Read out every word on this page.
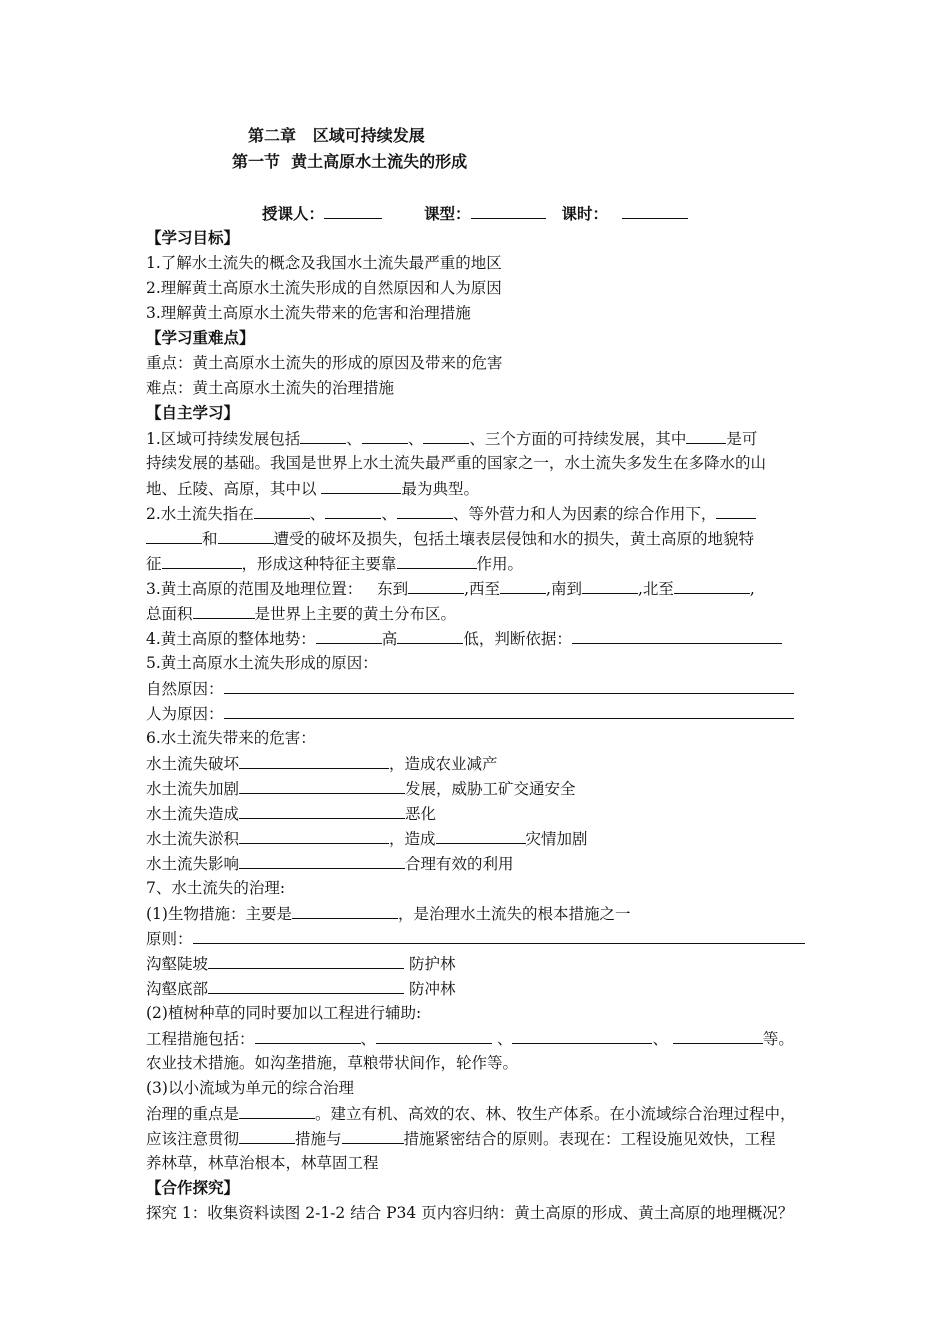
第二章   区域可持续发展
第一节  黄土高原水土流失的形成
授课人：	课型：	课时：
【学习目标】
1.了解水土流失的概念及我国水土流失最严重的地区
2.理解黄土高原水土流失形成的自然原因和人为原因
3.理解黄土高原水土流失带来的危害和治理措施
【学习重难点】
重点：黄土高原水土流失的形成的原因及带来的危害
难点：黄土高原水土流失的治理措施
【自主学习】
1.区域可持续发展包括	、	、	、三个方面的可持续发展，其中	是可
持续发展的基础。我国是世界上水土流失最严重的国家之一，水土流失多发生在多降水的山
地、丘陵、高原，其中以	最为典型。
2.水土流失指在	、	、	、等外营力和人为因素的综合作用下，
和	遭受的破坏及损失，包括土壤表层侵蚀和水的损失，黄土高原的地貌特
征	，形成这种特征主要靠	作用。
3.黄土高原的范围及地理位置：   东到	,西至	,南到	,北至	,
总面积	是世界上主要的黄土分布区。
4.黄土高原的整体地势：	高	低，判断依据：
5.黄土高原水土流失形成的原因：
自然原因：
人为原因：
6.水土流失带来的危害：
水土流失破坏	，造成农业减产
水土流失加剧	发展，威胁工矿交通安全
水土流失造成	恶化
水土流失淤积	，造成	灾情加剧
水土流失影响	合理有效的利用
7、水土流失的治理:
(1)生物措施：主要是	，是治理水土流失的根本措施之一
原则：
沟壑陡坡	防护林
沟壑底部	防冲林
(2)植树种草的同时要加以工程进行辅助:
工程措施包括：	、	、	、	等。
农业技术措施。如沟垄措施，草粮带状间作，轮作等。
(3)以小流域为单元的综合治理
治理的重点是	。建立有机、高效的农、林、牧生产体系。在小流域综合治理过程中，
应该注意贯彻	措施与	措施紧密结合的原则。表现在：工程设施见效快，工程
养林草，林草治根本，林草固工程
【合作探究】
探究 1：收集资料读图 2-1-2 结合 P34 页内容归纳：黄土高原的形成、黄土高原的地理概况？
